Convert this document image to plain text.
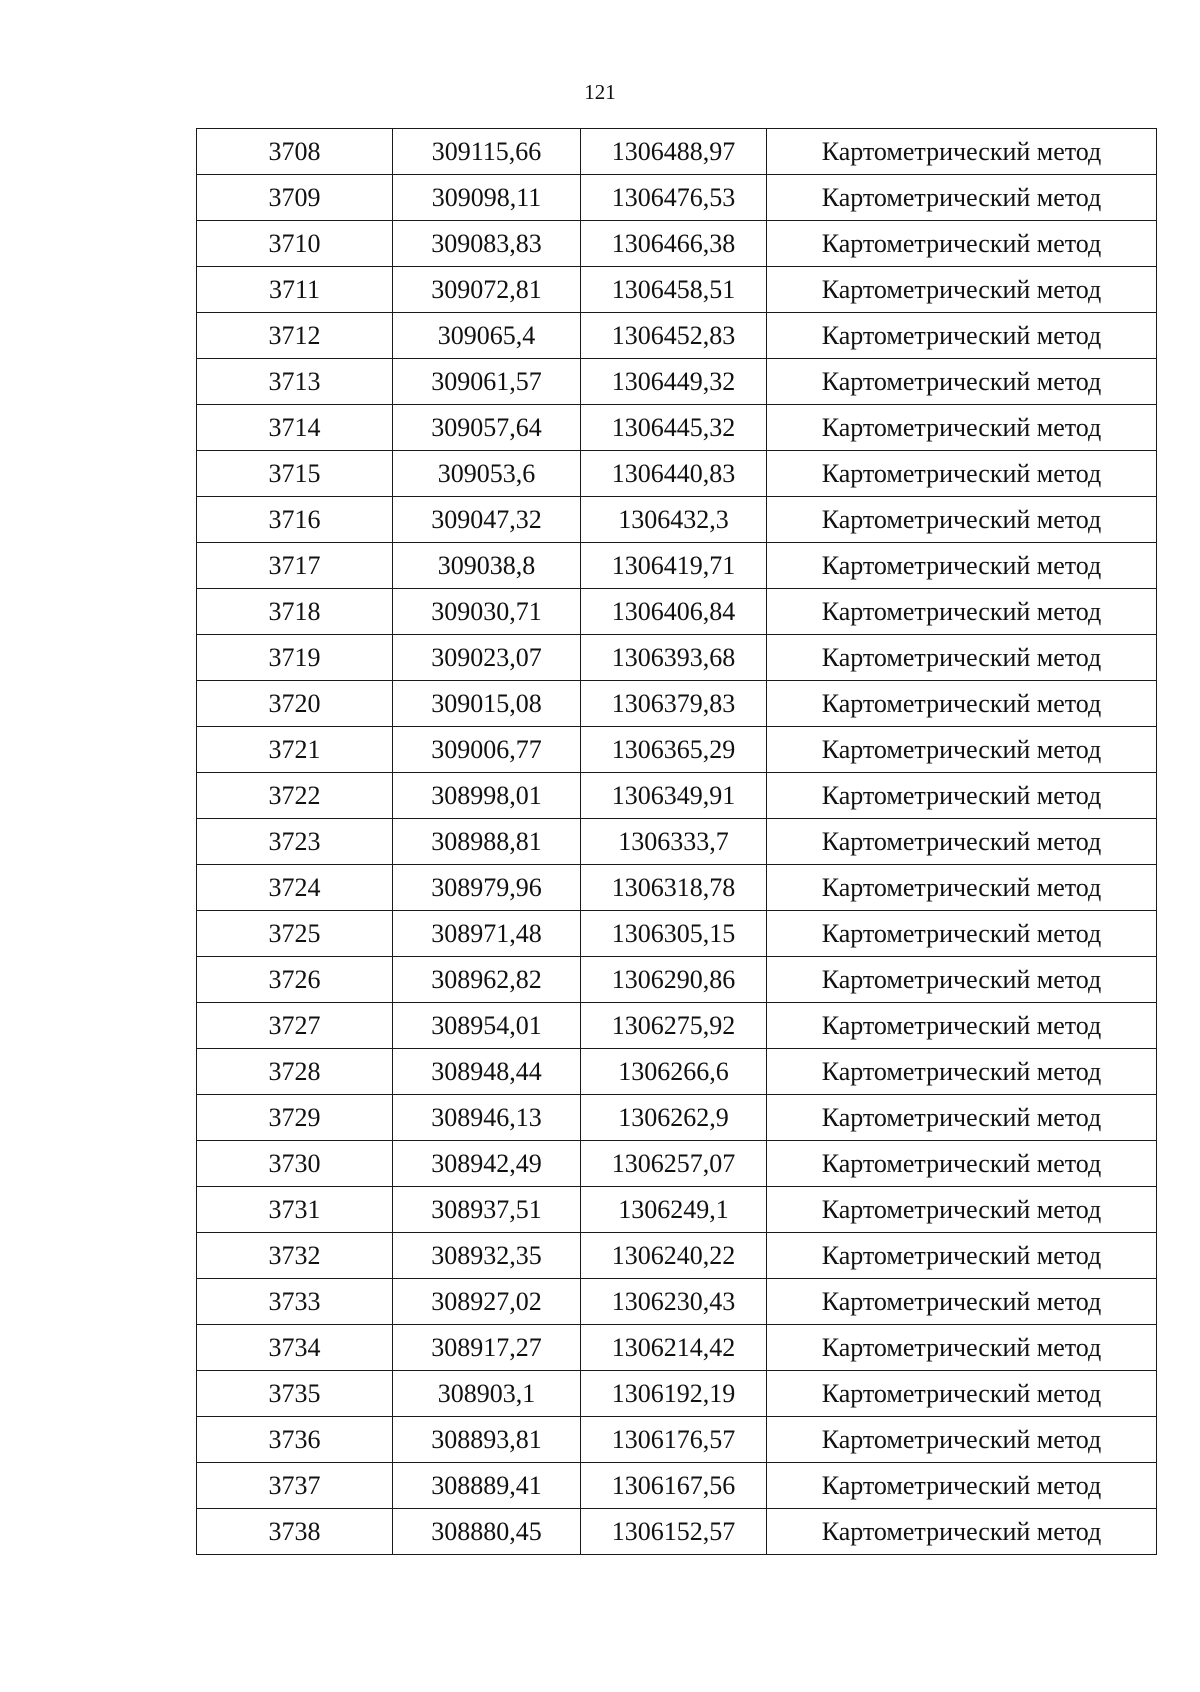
121
3708	309115,66	1306488,97	Картометрический метод
3709	309098,11	1306476,53	Картометрический метод
3710	309083,83	1306466,38	Картометрический метод
3711	309072,81	1306458,51	Картометрический метод
3712	309065,4	1306452,83	Картометрический метод
3713	309061,57	1306449,32	Картометрический метод
3714	309057,64	1306445,32	Картометрический метод
3715	309053,6	1306440,83	Картометрический метод
3716	309047,32	1306432,3	Картометрический метод
3717	309038,8	1306419,71	Картометрический метод
3718	309030,71	1306406,84	Картометрический метод
3719	309023,07	1306393,68	Картометрический метод
3720	309015,08	1306379,83	Картометрический метод
3721	309006,77	1306365,29	Картометрический метод
3722	308998,01	1306349,91	Картометрический метод
3723	308988,81	1306333,7	Картометрический метод
3724	308979,96	1306318,78	Картометрический метод
3725	308971,48	1306305,15	Картометрический метод
3726	308962,82	1306290,86	Картометрический метод
3727	308954,01	1306275,92	Картометрический метод
3728	308948,44	1306266,6	Картометрический метод
3729	308946,13	1306262,9	Картометрический метод
3730	308942,49	1306257,07	Картометрический метод
3731	308937,51	1306249,1	Картометрический метод
3732	308932,35	1306240,22	Картометрический метод
3733	308927,02	1306230,43	Картометрический метод
3734	308917,27	1306214,42	Картометрический метод
3735	308903,1	1306192,19	Картометрический метод
3736	308893,81	1306176,57	Картометрический метод
3737	308889,41	1306167,56	Картометрический метод
3738	308880,45	1306152,57	Картометрический метод
